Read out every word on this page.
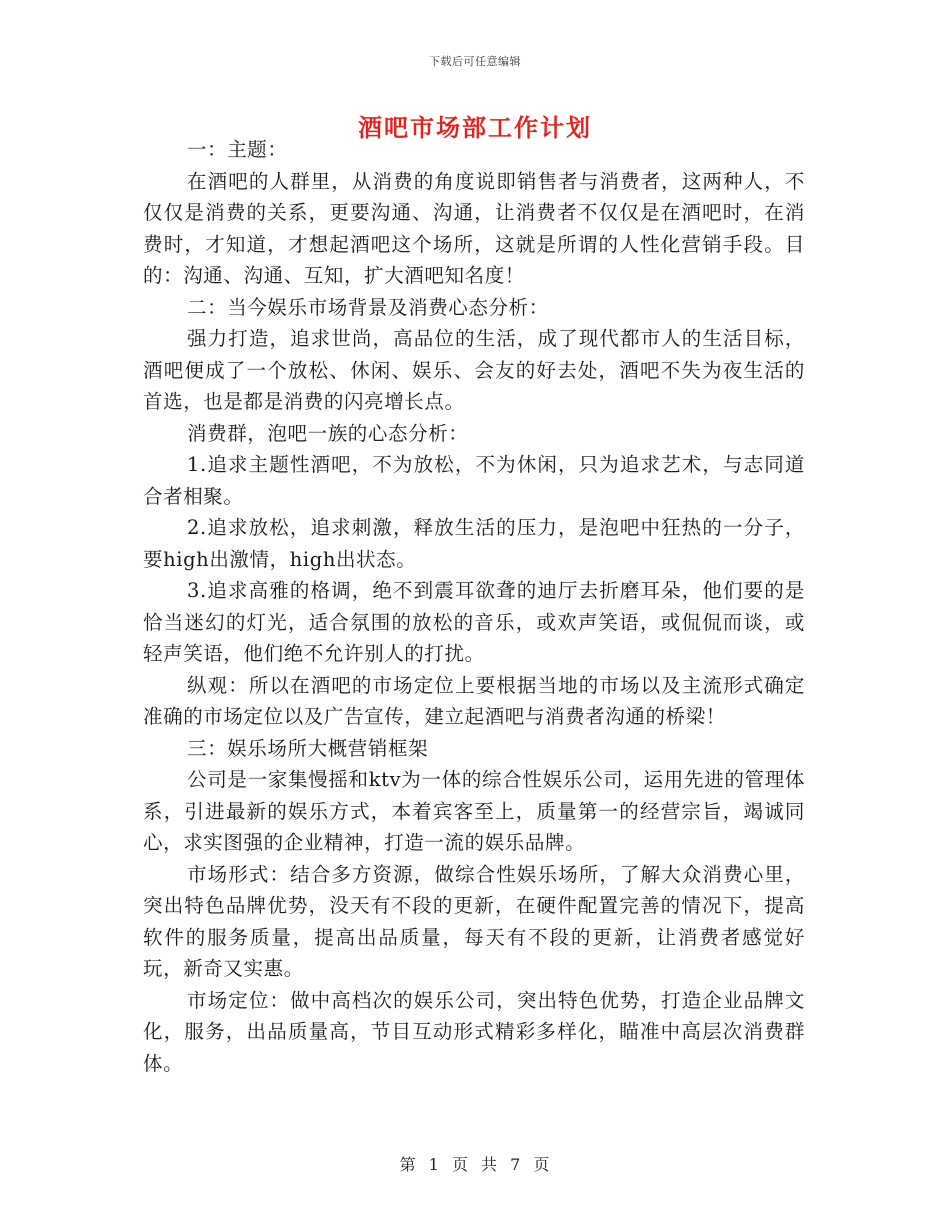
下载后可任意编辑
酒吧市场部工作计划

一：主题：

在酒吧的人群里，从消费的角度说即销售者与消费者，这两种人，不仅仅是消费的关系，更要沟通、沟通，让消费者不仅仅是在酒吧时，在消费时，才知道，才想起酒吧这个场所，这就是所谓的人性化营销手段。目的：沟通、沟通、互知，扩大酒吧知名度！

二：当今娱乐市场背景及消费心态分析：

强力打造，追求世尚，高品位的生活，成了现代都市人的生活目标，酒吧便成了一个放松、休闲、娱乐、会友的好去处，酒吧不失为夜生活的首选，也是都是消费的闪亮增长点。

消费群，泡吧一族的心态分析：

1.追求主题性酒吧，不为放松，不为休闲，只为追求艺术，与志同道合者相聚。

2.追求放松，追求刺激，释放生活的压力，是泡吧中狂热的一分子，要high出激情，high出状态。

3.追求高雅的格调，绝不到震耳欲聋的迪厅去折磨耳朵，他们要的是恰当迷幻的灯光，适合氛围的放松的音乐，或欢声笑语，或侃侃而谈，或轻声笑语，他们绝不允许别人的打扰。

纵观：所以在酒吧的市场定位上要根据当地的市场以及主流形式确定准确的市场定位以及广告宣传，建立起酒吧与消费者沟通的桥梁！

三：娱乐场所大概营销框架

公司是一家集慢摇和ktv为一体的综合性娱乐公司，运用先进的管理体系，引进最新的娱乐方式，本着宾客至上，质量第一的经营宗旨，竭诚同心，求实图强的企业精神，打造一流的娱乐品牌。

市场形式：结合多方资源，做综合性娱乐场所，了解大众消费心里，突出特色品牌优势，没天有不段的更新，在硬件配置完善的情况下，提高软件的服务质量，提高出品质量，每天有不段的更新，让消费者感觉好玩，新奇又实惠。

市场定位：做中高档次的娱乐公司，突出特色优势，打造企业品牌文化，服务，出品质量高，节目互动形式精彩多样化，瞄准中高层次消费群体。

第 1 页 共 7 页
